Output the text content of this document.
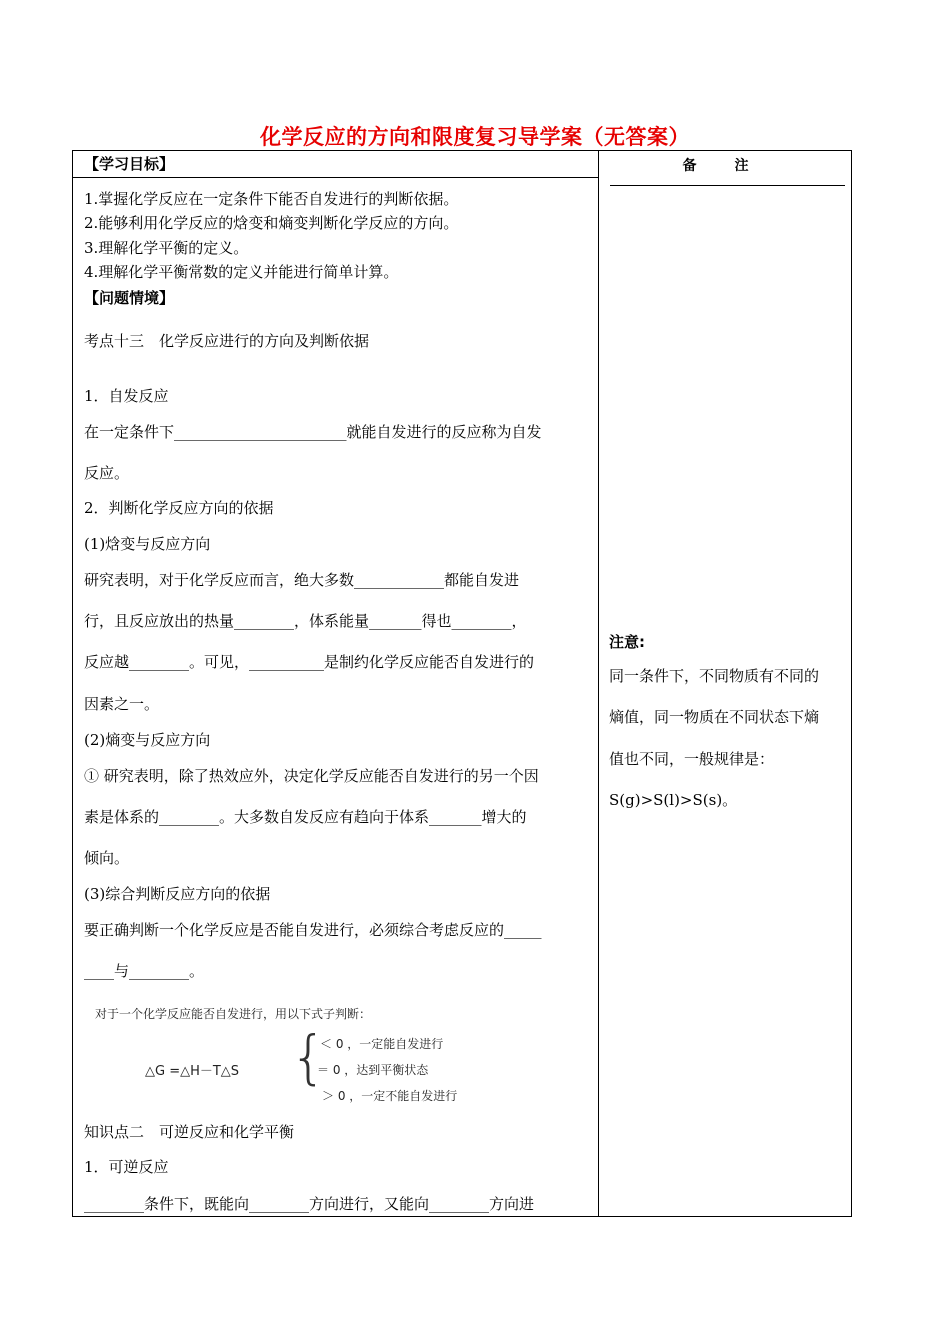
化学反应的方向和限度复习导学案（无答案）
备　注
【学习目标】
1.掌握化学反应在一定条件下能否自发进行的判断依据。
2.能够利用化学反应的焓变和熵变判断化学反应的方向。
3.理解化学平衡的定义。
4.理解化学平衡常数的定义并能进行简单计算。
【问题情境】
考点十三　化学反应进行的方向及判断依据
1．自发反应
在一定条件下_______________________就能自发进行的反应称为自发
反应。
2．判断化学反应方向的依据
(1)焓变与反应方向
研究表明，对于化学反应而言，绝大多数____________都能自发进
行，且反应放出的热量________，体系能量_______得也________，
反应越________。可见，__________是制约化学反应能否自发进行的
因素之一。
(2)熵变与反应方向
① 研究表明，除了热效应外，决定化学反应能否自发进行的另一个因
素是体系的________。大多数自发反应有趋向于体系_______增大的
倾向。
(3)综合判断反应方向的依据
要正确判断一个化学反应是否能自发进行，必须综合考虑反应的_____
____与________。
对于一个化学反应能否自发进行，用以下式子判断：
△G =△H－T△S {
＜ 0 ，一定能自发进行
＝ 0 ，达到平衡状态
＞ 0 ，一定不能自发进行
知识点二　可逆反应和化学平衡
1．可逆反应
________条件下，既能向________方向进行，又能向________方向进
注意:
同一条件下，不同物质有不同的
熵值，同一物质在不同状态下熵
值也不同，一般规律是：
S(g)>S(l)>S(s)。
